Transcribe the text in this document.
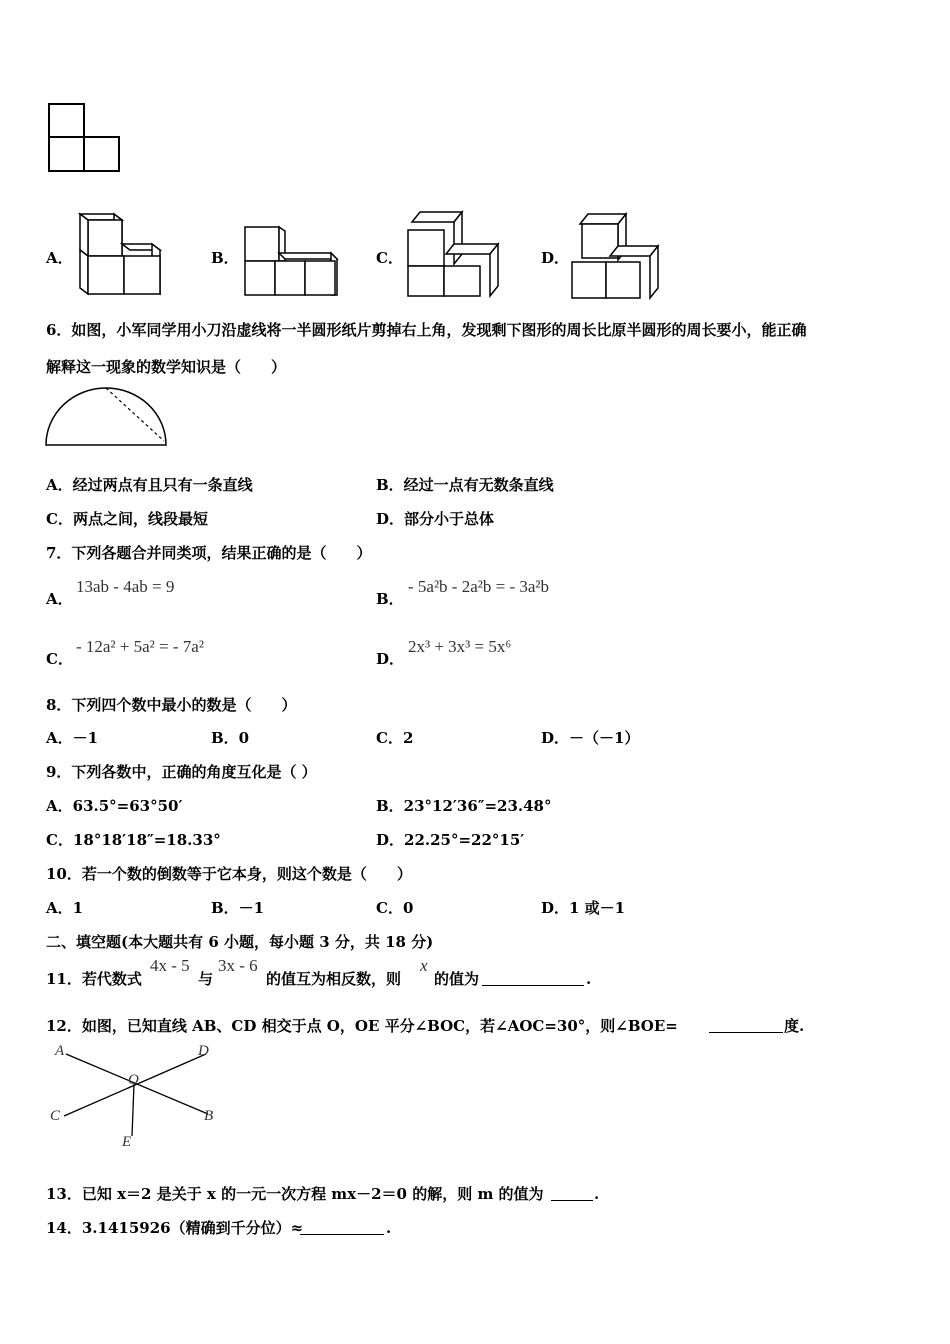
A．	B．	C．	D．
6．如图，小军同学用小刀沿虚线将一半圆形纸片剪掉右上角，发现剩下图形的周长比原半圆形的周长要小，能正确
解释这一现象的数学知识是（　　）
A．经过两点有且只有一条直线	B．经过一点有无数条直线
C．两点之间，线段最短	D．部分小于总体
7．下列各题合并同类项，结果正确的是（　　）
A．
13ab - 4ab = 9
B．
- 5a²b - 2a²b = - 3a²b
C．
- 12a² + 5a² = - 7a²
D．
2x³ + 3x³ = 5x⁶
8．下列四个数中最小的数是（　　）
A．－1	B．0	C．2	D．－（－1）
9．下列各数中，正确的角度互化是（ ）
A．63.5°=63°50′	B．23°12′36″=23.48°
C．18°18′18″=18.33°	D．22.25°=22°15′
10．若一个数的倒数等于它本身，则这个数是（　　）
A．1	B．－1	C．0	D．1 或－1
二、填空题(本大题共有 6 小题，每小题 3 分，共 18 分)
11．若代数式
4x - 5
与
3x - 6
的值互为相反数，则
x
的值为	.
12．如图，已知直线 AB、CD 相交于点 O，OE 平分∠BOC，若∠AOC=30°，则∠BOE=	度.
A	D
O
C	B
E
13．已知 x＝2 是关于 x 的一元一次方程 mx－2＝0 的解，则 m 的值为	.
14．3.1415926（精确到千分位）≈	.
